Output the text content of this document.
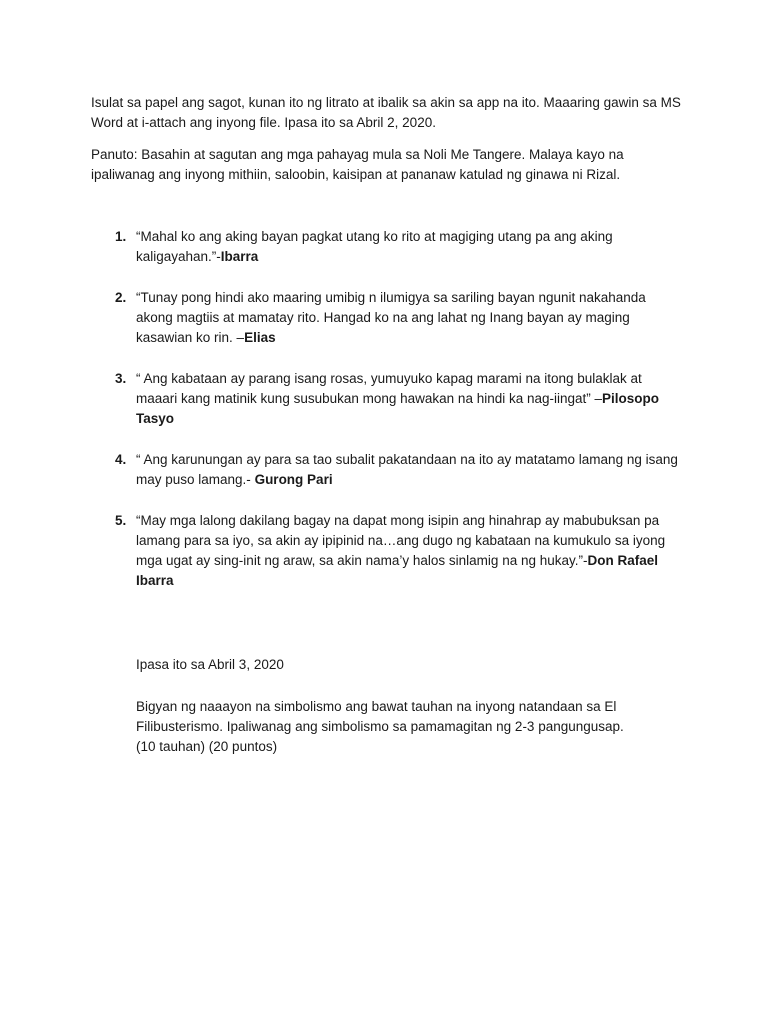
Isulat sa papel ang sagot, kunan ito ng litrato at ibalik sa akin sa app na ito. Maaaring gawin sa MS Word at i-attach ang inyong file. Ipasa ito sa Abril 2, 2020.

Panuto: Basahin at sagutan ang mga pahayag mula sa Noli Me Tangere. Malaya kayo na ipaliwanag ang inyong mithiin, saloobin, kaisipan at pananaw katulad ng ginawa ni Rizal.

1. “Mahal ko ang aking bayan pagkat utang ko rito at magiging utang pa ang aking kaligayahan.”-Ibarra
2. “Tunay pong hindi ako maaring umibig n ilumigya sa sariling bayan ngunit nakahanda akong magtiis at mamatay rito. Hangad ko na ang lahat ng Inang bayan ay maging kasawian ko rin. –Elias
3. “ Ang kabataan ay parang isang rosas, yumuyuko kapag marami na itong bulaklak at maaari kang matinik kung susubukan mong hawakan na hindi ka nag-iingat” –Pilosopo Tasyo
4. “ Ang karunungan ay para sa tao subalit pakatandaan na ito ay matatamo lamang ng isang may puso lamang.- Gurong Pari
5. “May mga lalong dakilang bagay na dapat mong isipin ang hinahrap ay mabubuksan pa lamang para sa iyo, sa akin ay ipipinid na…ang dugo ng kabataan na kumukulo sa iyong mga ugat ay sing-init ng araw, sa akin nama’y halos sinlamig na ng hukay.”-Don Rafael Ibarra

Ipasa ito sa Abril 3, 2020

Bigyan ng naaayon na simbolismo ang bawat tauhan na inyong natandaan sa El Filibusterismo. Ipaliwanag ang simbolismo sa pamamagitan ng 2-3 pangungusap.
(10 tauhan) (20 puntos)
